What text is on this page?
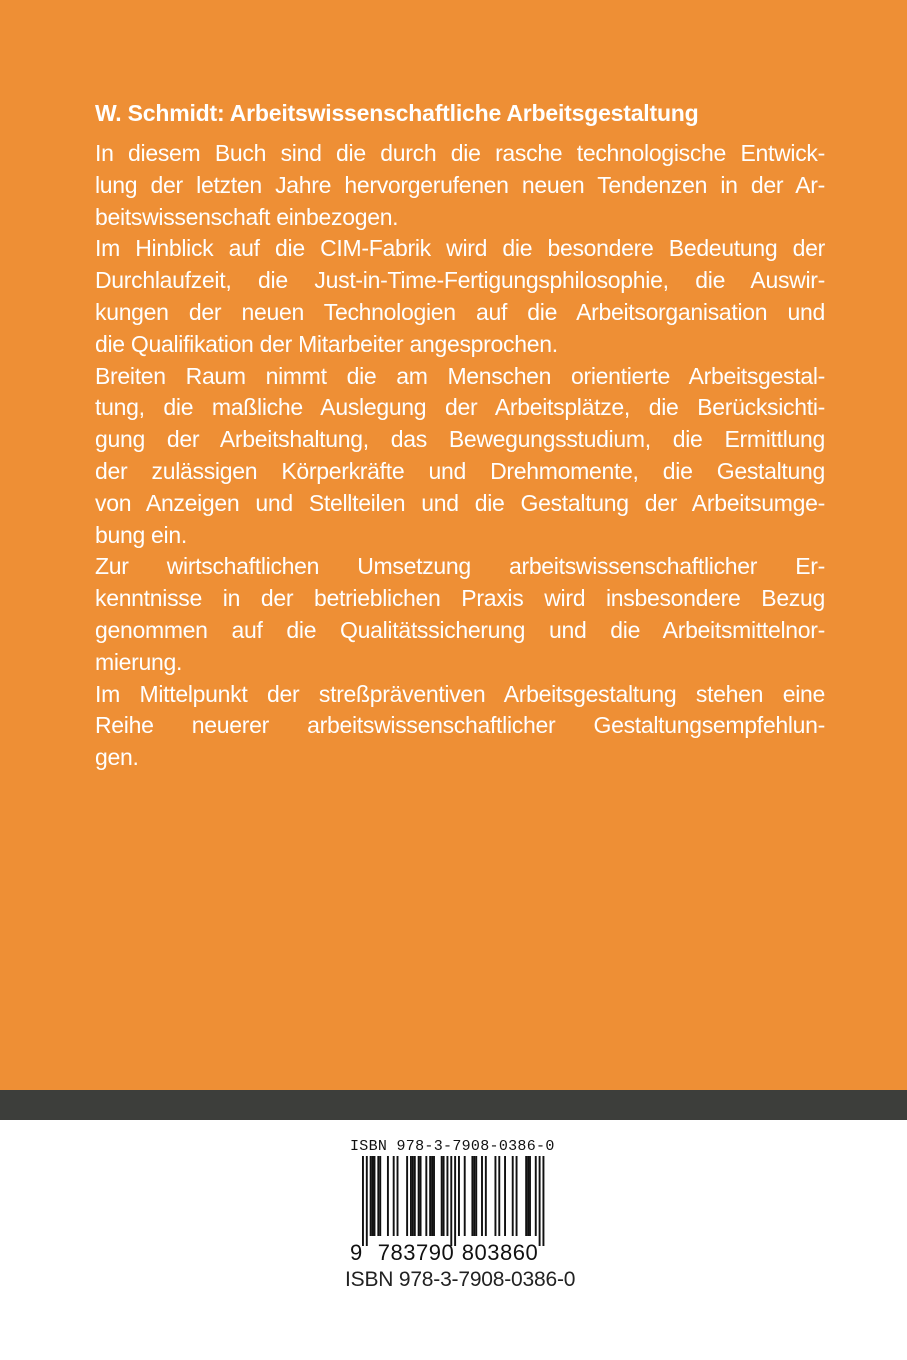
W. Schmidt: Arbeitswissenschaftliche Arbeitsgestaltung
In diesem Buch sind die durch die rasche technologische Entwick-
lung der letzten Jahre hervorgerufenen neuen Tendenzen in der Ar-
beitswissenschaft einbezogen.
Im Hinblick auf die CIM-Fabrik wird die besondere Bedeutung der
Durchlaufzeit, die Just-in-Time-Fertigungsphilosophie, die Auswir-
kungen der neuen Technologien auf die Arbeitsorganisation und
die Qualifikation der Mitarbeiter angesprochen.
Breiten Raum nimmt die am Menschen orientierte Arbeitsgestal-
tung, die maßliche Auslegung der Arbeitsplätze, die Berücksichti-
gung der Arbeitshaltung, das Bewegungsstudium, die Ermittlung
der zulässigen Körperkräfte und Drehmomente, die Gestaltung
von Anzeigen und Stellteilen und die Gestaltung der Arbeitsumge-
bung ein.
Zur wirtschaftlichen Umsetzung arbeitswissenschaftlicher Er-
kenntnisse in der betrieblichen Praxis wird insbesondere Bezug
genommen auf die Qualitätssicherung und die Arbeitsmittelnor-
mierung.
Im Mittelpunkt der streßpräventiven Arbeitsgestaltung stehen eine
Reihe neuerer arbeitswissenschaftlicher Gestaltungsempfehlun-
gen.
ISBN 978-3-7908-0386-0
9 783790 803860
ISBN 978-3-7908-0386-0
